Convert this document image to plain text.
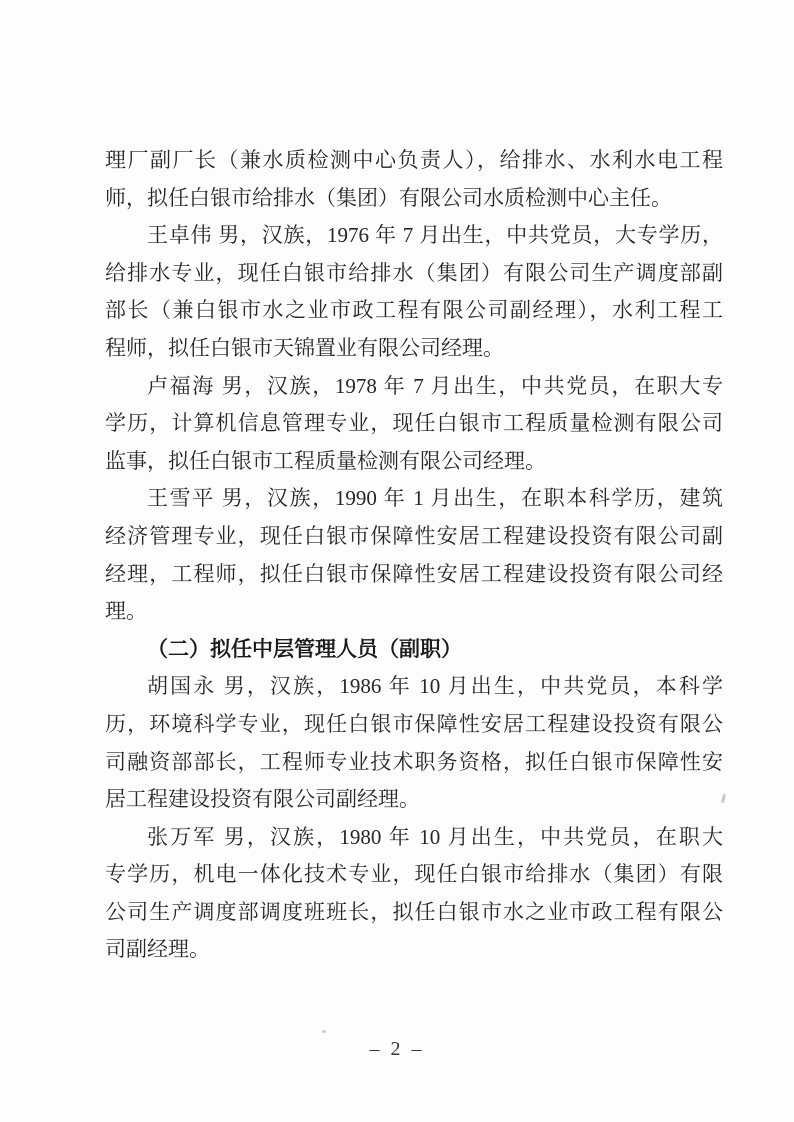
理厂副厂长（兼水质检测中心负责人），给排水、水利水电工程
师，拟任白银市给排水（集团）有限公司水质检测中心主任。
王卓伟 男，汉族，1976 年 7 月出生，中共党员，大专学历，
给排水专业，现任白银市给排水（集团）有限公司生产调度部副
部长（兼白银市水之业市政工程有限公司副经理），水利工程工
程师，拟任白银市天锦置业有限公司经理。
卢福海 男，汉族，1978 年 7 月出生，中共党员，在职大专
学历，计算机信息管理专业，现任白银市工程质量检测有限公司
监事，拟任白银市工程质量检测有限公司经理。
王雪平 男，汉族，1990 年 1 月出生，在职本科学历，建筑
经济管理专业，现任白银市保障性安居工程建设投资有限公司副
经理，工程师，拟任白银市保障性安居工程建设投资有限公司经
理。
（二）拟任中层管理人员（副职）
胡国永 男，汉族，1986 年 10 月出生，中共党员，本科学
历，环境科学专业，现任白银市保障性安居工程建设投资有限公
司融资部部长，工程师专业技术职务资格，拟任白银市保障性安
居工程建设投资有限公司副经理。
张万军 男，汉族，1980 年 10 月出生，中共党员，在职大
专学历，机电一体化技术专业，现任白银市给排水（集团）有限
公司生产调度部调度班班长，拟任白银市水之业市政工程有限公
司副经理。
– 2 –
